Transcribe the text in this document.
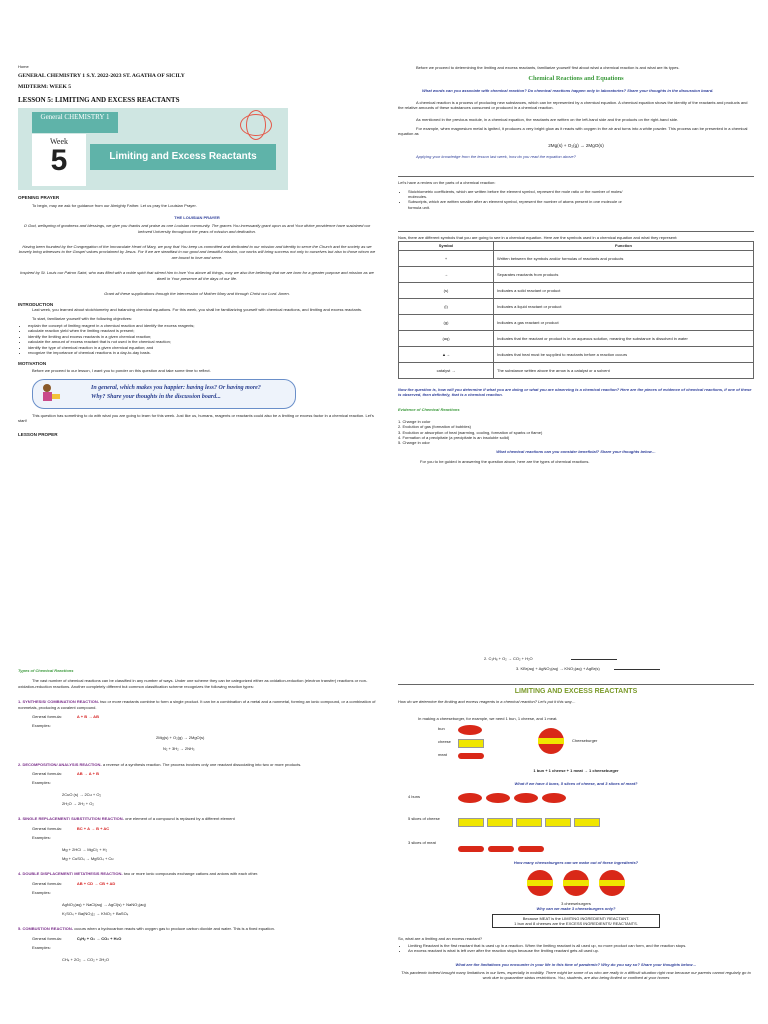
Home
GENERAL CHEMISTRY 1 S.Y. 2022-2023 ST. AGATHA OF SICILY
MIDTERM: WEEK 5
LESSON 5: LIMITING AND EXCESS REACTANTS
General CHEMISTRY 1
Week
5	Limiting and Excess Reactants
OPENING PRAYER
To begin, may we ask for guidance from our Almighty Father. Let us pray the Louisian Prayer.
THE LOUISIAN PRAYER
O God, wellspring of goodness and blessings, we give you thanks and praise as one Louisian community. The graces You incessantly grant upon us and Your divine providence have sustained our beloved University throughout the years of mission and dedication.
Having been founded by the Congregation of the Immaculate Heart of Mary, we pray that You keep us committed and dedicated to our mission and identity to serve the Church and the society as we bravely bring witnesses to the Gospel values proclaimed by Jesus. For if we are steadfast in our good and beautiful mission, our works will bring success not only to ourselves but also to those whom we are bound to love and serve.
Inspired by St. Louis our Patron Saint, who was filled with a noble spirit that stirred him to love You above all things, may we also live believing that we are born for a greater purpose and mission as we dwell in Your presence all the days of our life.
Grant all these supplications through the intercession of Mother Mary and through Christ our Lord. Amen.
INTRODUCTION
Last week, you learned about stoichiometry and balancing chemical equations. For this week, you shall be familiarizing yourself with chemical reactions, and limiting and excess reactants.
To start, familiarize yourself with the following objectives:
• explain the concept of limiting reagent in a chemical reaction and identify the excess reagents;
• calculate reaction yield when the limiting reactant is present;
• identify the limiting and excess reactants in a given chemical reaction;
• calculate the amount of excess reactant that is not used in the chemical reaction;
• identify the type of chemical reaction in a given chemical equation; and
• recognize the importance of chemical reactions in a day-to-day basis.
MOTIVATION
Before we proceed to our lesson, I want you to ponder on this question and take some time to reflect.
In general, which makes you happier: having less? Or having more?
Why? Share your thoughts in the discussion board...
This question has something to do with what you are going to learn for this week. Just like us, humans, reagents or reactants could also be a limiting or excess factor in a chemical reaction. Let's start!
LESSON PROPER
Before we proceed to determining the limiting and excess reactants, familiarize yourself first about what a chemical reaction is and what are its types.
Chemical Reactions and Equations
What words can you associate with chemical reaction? Do chemical reactions happen only in laboratories? Share your thoughts in the discussion board.
A chemical reaction is a process of producing new substances, which can be represented by a chemical equation. A chemical equation shows the identity of the reactants and products and the relative amounts of these substances consumed or produced in a chemical reaction.
As mentioned in the previous module, in a chemical equation, the reactants are written on the left-hand side and the products on the right-hand side.
For example, when magnesium metal is ignited, it produces a very bright glow as it reacts with oxygen in the air and turns into a white powder. This process can be presented in a chemical equation as
2Mg(s) + O₂(g) → 2MgO(s)
Applying your knowledge from the lesson last week, how do you read the equation above?
Let's have a review on the parts of a chemical reaction:
• Stoichiometric coefficients, which are written before the element symbol, represent the mole ratio or the number of moles/ molecules.
• Subscripts, which are written smaller after an element symbol, represent the number of atoms present in one molecule or formula unit.
Now, there are different symbols that you are going to see in a chemical equation. Here are the symbols used in a chemical equation and what they represent:
Symbol	Function
+	Written between the symbols and/or formulas of reactants and products
→	Separates reactants from products
(s)	Indicates a solid reactant or product
(l)	Indicates a liquid reactant or product
(g)	Indicates a gas reactant or product
(aq)	Indicates that the reactant or product is in an aqueous solution, meaning the substance is dissolved in water
▲→	Indicates that heat must be supplied to reactants before a reaction occurs
catalyst →	The substance written above the arrow is a catalyst or a solvent
Now the question is, how will you determine if what you are doing or what you are observing is a chemical reaction? Here are the pieces of evidence of chemical reactions, if one of these is observed, then definitely, that is a chemical reaction.
Evidence of Chemical Reactions
1. Change in color
2. Evolution of gas (formation of bubbles)
3. Evolution or absorption of heat (warming, cooling, formation of sparks or flame)
4. Formation of a precipitate (a precipitate is an insoluble solid)
5. Change in odor
What chemical reactions can you consider beneficial? Share your thoughts below…
For you to be guided in answering the question above, here are the types of chemical reactions.
Types of Chemical Reactions
The vast number of chemical reactions can be classified in any number of ways. Under one scheme they can be categorized either as oxidation-reduction (electron transfer) reactions or non-oxidation-reduction reactions. Another completely different but common classification scheme recognizes the following reaction types:
1. SYNTHESIS/ COMBINATION REACTION- two or more reactants combine to form a single product. It can be a combination of a metal and a nonmetal, forming an ionic compound, or a combination of nonmetals, producing a covalent compound.
General formula:	A + B → AB
Examples:
2Mg(s) + O₂(g) → 2MgO(s)
N₂ + 3H₂ → 2NH₃
2. DECOMPOSITION/ ANALYSIS REACTION- a reverse of a synthesis reaction. The process involves only one reactant dissociating into two or more products.
General formula:	AB → A + B
Examples:
2CuO (s) → 2Cu + O₂
2H₂O → 2H₂ + O₂
3. SINGLE REPLACEMENT/ SUBSTITUTION REACTION- one element of a compound is replaced by a different element
General formula:	BC + A → B + AC
Examples:
Mg + 2HCl → MgCl₂ + H₂
Mg + CuSO₄ → MgSO₄ + Cu
4. DOUBLE DISPLACEMENT/ METATHESIS REACTION- two or more ionic compounds exchange cations and anions with each other.
General formula:	AB + CD → CB + AD
Examples:
AgNO₃(aq) + NaCl(aq) → AgCl(s) + NaNO₃(aq)
K₂SO₄ + Ba(NO₃)₂ → KNO₃ + BaSO₄
5. COMBUSTION REACTION- occurs when a hydrocarbon reacts with oxygen gas to produce carbon dioxide and water. This is a fixed equation.
General formula:	CₓHᵧ + O₂ → CO₂ + H₂O
Examples:
CH₄ + 2O₂ → CO₂ + 2H₂O
2. C₃H₈ + O₂ → CO₂ + H₂O
3. KBr(aq) + AgNO₃(aq) → KNO₃(aq) + AgBr(s)
LIMITING AND EXCESS REACTANTS
How do we determine the limiting and excess reagents in a chemical reaction? Let's put it this way…
In making a cheeseburger, for example, we need 1 bun, 1 cheese, and 1 meat.
bun
cheese
meat
Cheeseburger
1 bun + 1 cheese + 1 meat → 1 cheeseburger
What if we have 4 buns, 5 slices of cheese, and 3 slices of meat?
4 buns
5 slices of cheese
3 slices of meat
How many cheeseburgers can we make out of these ingredients?

3 cheeseburgers
Why can we make 3 cheeseburgers only?
Because MEAT is the LIMITING INGREDIENT/ REACTANT.
1 bun and 8 cheeses are the EXCESS INGREDIENTS/ REACTANTS.
So, what are a limiting and an excess reactant?
• Limiting Reactant is the first reactant that is used up in a reaction. When the limiting reactant is all used up, no more product can form, and the reaction stops.
• An excess reactant is what is left over after the reaction stops because the limiting reactant gets all used up.
What are the limitations you encounter in your life in this time of pandemic? Why do you say so? Share your thoughts below…
This pandemic indeed brought many limitations in our lives, especially in mobility. There might be some of us who are really in a difficult situation right now because our parents cannot regularly go to work due to quarantine status restrictions. You, students, are also being limited or confined at your homes
